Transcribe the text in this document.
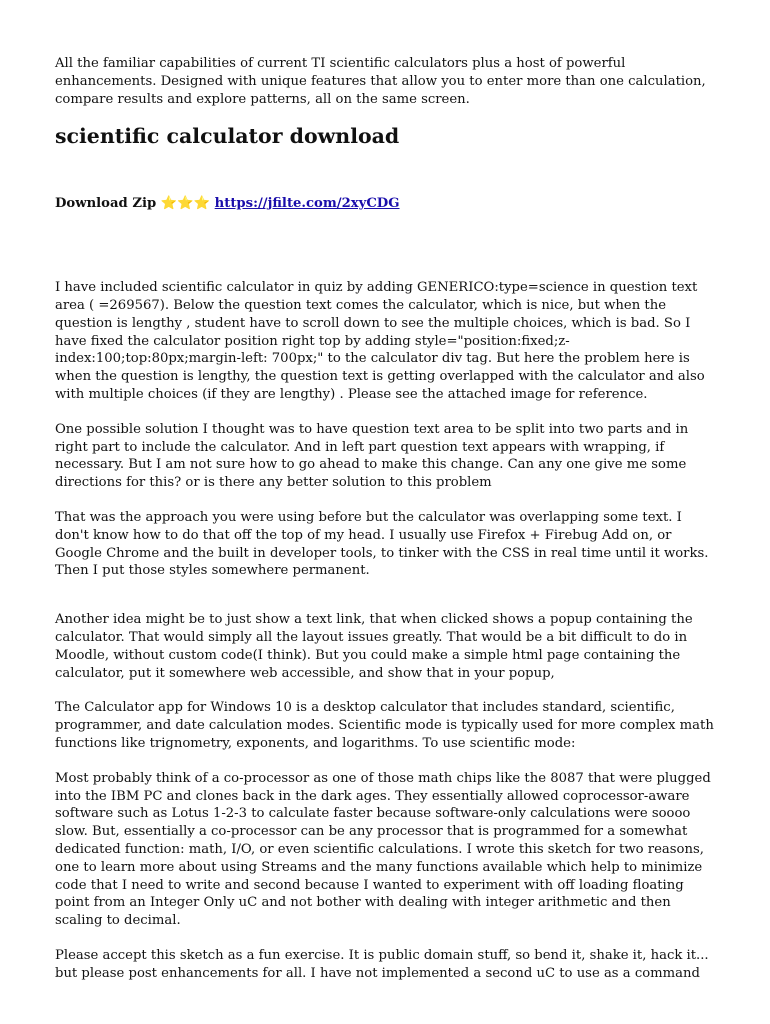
All the familiar capabilities of current TI scientific calculators plus a host of powerful enhancements. Designed with unique features that allow you to enter more than one calculation, compare results and explore patterns, all on the same screen.

scientific calculator download

Download Zip ⭐⭐⭐ https://jfilte.com/2xyCDG

I have included scientific calculator in quiz by adding GENERICO:type=science in question text area ( =269567). Below the question text comes the calculator, which is nice, but when the question is lengthy , student have to scroll down to see the multiple choices, which is bad. So I have fixed the calculator position right top by adding style="position:fixed;z-index:100;top:80px;margin-left: 700px;" to the calculator div tag. But here the problem here is when the question is lengthy, the question text is getting overlapped with the calculator and also with multiple choices (if they are lengthy) . Please see the attached image for reference.

One possible solution I thought was to have question text area to be split into two parts and in right part to include the calculator. And in left part question text appears with wrapping, if necessary. But I am not sure how to go ahead to make this change. Can any one give me some directions for this? or is there any better solution to this problem

That was the approach you were using before but the calculator was overlapping some text. I don't know how to do that off the top of my head. I usually use Firefox + Firebug Add on, or Google Chrome and the built in developer tools, to tinker with the CSS in real time until it works. Then I put those styles somewhere permanent.

Another idea might be to just show a text link, that when clicked shows a popup containing the calculator. That would simply all the layout issues greatly. That would be a bit difficult to do in Moodle, without custom code(I think). But you could make a simple html page containing the calculator, put it somewhere web accessible, and show that in your popup,

The Calculator app for Windows 10 is a desktop calculator that includes standard, scientific, programmer, and date calculation modes. Scientific mode is typically used for more complex math functions like trignometry, exponents, and logarithms. To use scientific mode:

Most probably think of a co-processor as one of those math chips like the 8087 that were plugged into the IBM PC and clones back in the dark ages. They essentially allowed coprocessor-aware software such as Lotus 1-2-3 to calculate faster because software-only calculations were soooo slow. But, essentially a co-processor can be any processor that is programmed for a somewhat dedicated function: math, I/O, or even scientific calculations. I wrote this sketch for two reasons, one to learn more about using Streams and the many functions available which help to minimize code that I need to write and second because I wanted to experiment with off loading floating point from an Integer Only uC and not bother with dealing with integer arithmetic and then scaling to decimal.

Please accept this sketch as a fun exercise. It is public domain stuff, so bend it, shake it, hack it... but please post enhancements for all. I have not implemented a second uC to use as a command
